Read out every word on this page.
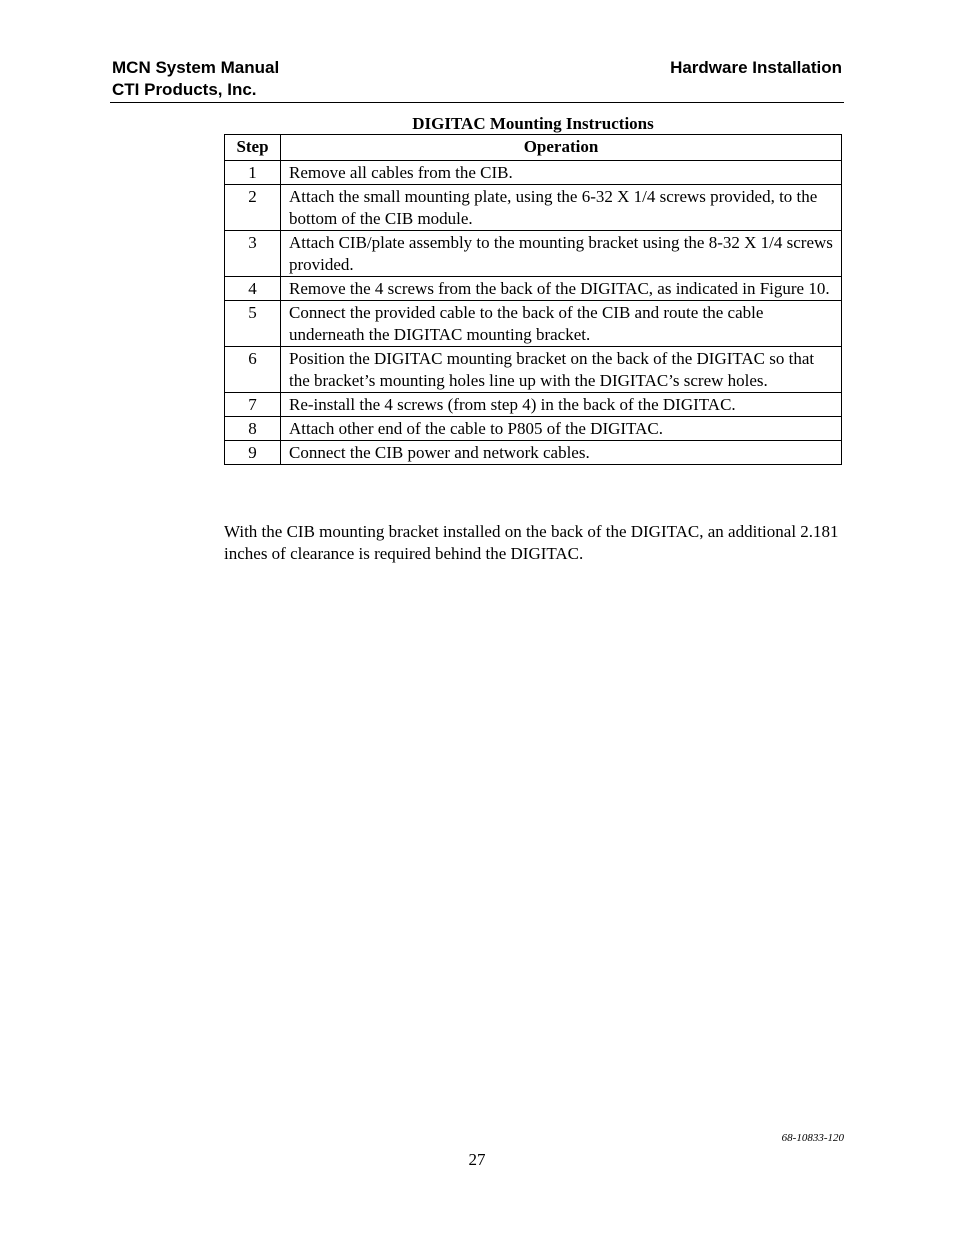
MCN System Manual
CTI Products, Inc.
Hardware Installation
DIGITAC Mounting Instructions
Step	Operation
1	Remove all cables from the CIB.
2	Attach the small mounting plate, using the 6-32 X 1/4 screws provided, to the bottom of the CIB module.
3	Attach CIB/plate assembly to the mounting bracket using the 8-32 X 1/4 screws provided.
4	Remove the 4 screws from the back of the DIGITAC, as indicated in Figure 10.
5	Connect the provided cable to the back of the CIB and route the cable underneath the DIGITAC mounting bracket.
6	Position the DIGITAC mounting bracket on the back of the DIGITAC so that the bracket’s mounting holes line up with the DIGITAC’s screw holes.
7	Re-install the 4 screws (from step 4) in the back of the DIGITAC.
8	Attach other end of the cable to P805 of the DIGITAC.
9	Connect the CIB power and network cables.
With the CIB mounting bracket installed on the back of the DIGITAC, an additional 2.181 inches of clearance is required behind the DIGITAC.
68-10833-120
27
